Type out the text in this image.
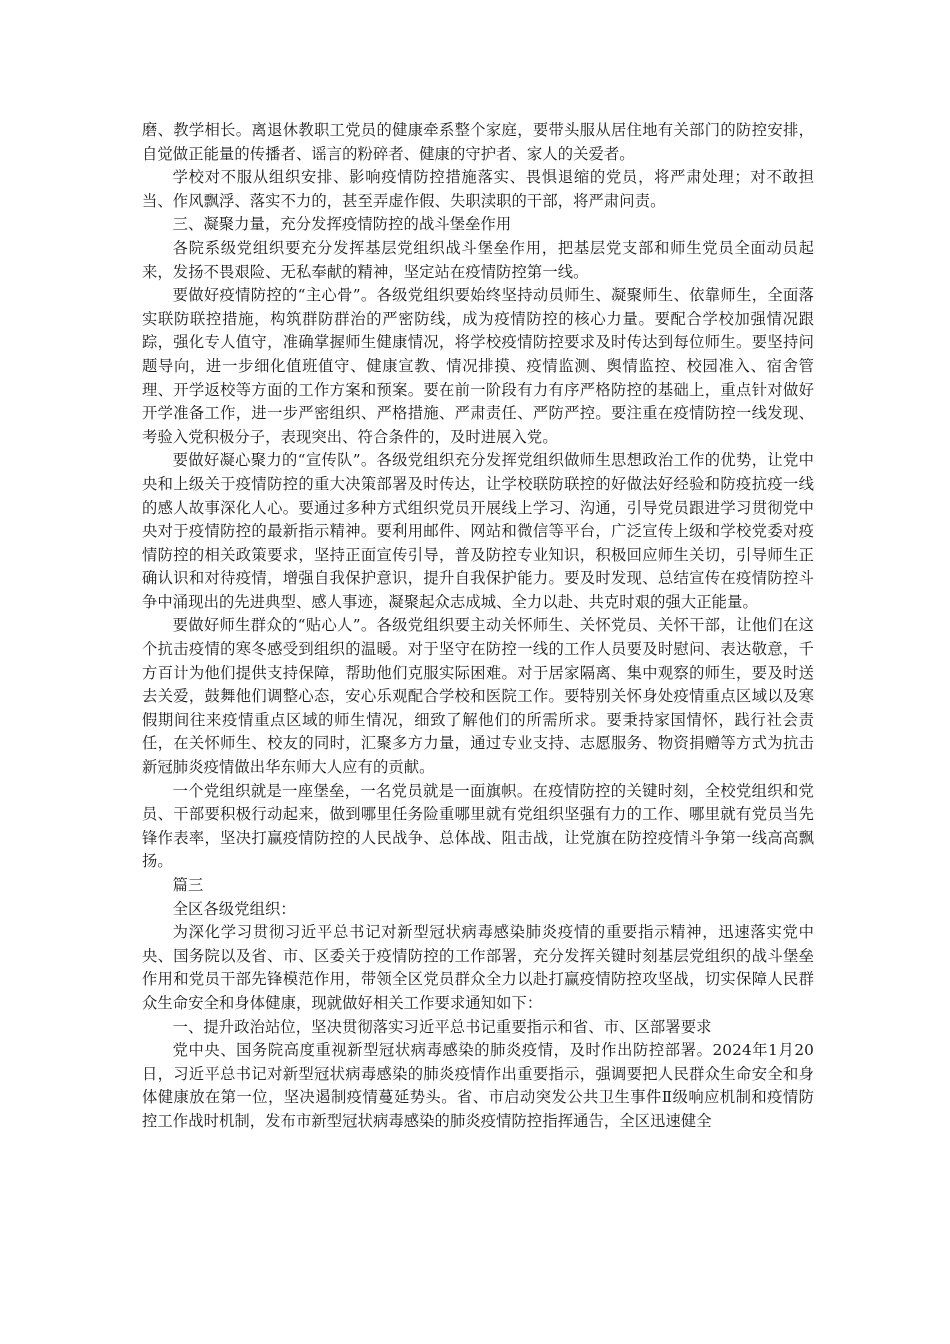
磨、教学相长。离退休教职工党员的健康牵系整个家庭，要带头服从居住地有关部门的防控安排，自觉做正能量的传播者、谣言的粉碎者、健康的守护者、家人的关爱者。

学校对不服从组织安排、影响疫情防控措施落实、畏惧退缩的党员，将严肃处理；对不敢担当、作风飘浮、落实不力的，甚至弄虚作假、失职渎职的干部，将严肃问责。

三、凝聚力量，充分发挥疫情防控的战斗堡垒作用

各院系级党组织要充分发挥基层党组织战斗堡垒作用，把基层党支部和师生党员全面动员起来，发扬不畏艰险、无私奉献的精神，坚定站在疫情防控第一线。

要做好疫情防控的“主心骨”。各级党组织要始终坚持动员师生、凝聚师生、依靠师生，全面落实联防联控措施，构筑群防群治的严密防线，成为疫情防控的核心力量。要配合学校加强情况跟踪，强化专人值守，准确掌握师生健康情况，将学校疫情防控要求及时传达到每位师生。要坚持问题导向，进一步细化值班值守、健康宣教、情况排摸、疫情监测、舆情监控、校园准入、宿舍管理、开学返校等方面的工作方案和预案。要在前一阶段有力有序严格防控的基础上，重点针对做好开学准备工作，进一步严密组织、严格措施、严肃责任、严防严控。要注重在疫情防控一线发现、考验入党积极分子，表现突出、符合条件的，及时进展入党。

要做好凝心聚力的“宣传队”。各级党组织充分发挥党组织做师生思想政治工作的优势，让党中央和上级关于疫情防控的重大决策部署及时传达，让学校联防联控的好做法好经验和防疫抗疫一线的感人故事深化人心。要通过多种方式组织党员开展线上学习、沟通，引导党员跟进学习贯彻党中央对于疫情防控的最新指示精神。要利用邮件、网站和微信等平台，广泛宣传上级和学校党委对疫情防控的相关政策要求，坚持正面宣传引导，普及防控专业知识，积极回应师生关切，引导师生正确认识和对待疫情，增强自我保护意识，提升自我保护能力。要及时发现、总结宣传在疫情防控斗争中涌现出的先进典型、感人事迹，凝聚起众志成城、全力以赴、共克时艰的强大正能量。

要做好师生群众的“贴心人”。各级党组织要主动关怀师生、关怀党员、关怀干部，让他们在这个抗击疫情的寒冬感受到组织的温暖。对于坚守在防控一线的工作人员要及时慰问、表达敬意，千方百计为他们提供支持保障，帮助他们克服实际困难。对于居家隔离、集中观察的师生，要及时送去关爱，鼓舞他们调整心态，安心乐观配合学校和医院工作。要特别关怀身处疫情重点区域以及寒假期间往来疫情重点区域的师生情况，细致了解他们的所需所求。要秉持家国情怀，践行社会责任，在关怀师生、校友的同时，汇聚多方力量，通过专业支持、志愿服务、物资捐赠等方式为抗击新冠肺炎疫情做出华东师大人应有的贡献。

一个党组织就是一座堡垒，一名党员就是一面旗帜。在疫情防控的关键时刻，全校党组织和党员、干部要积极行动起来，做到哪里任务险重哪里就有党组织坚强有力的工作、哪里就有党员当先锋作表率，坚决打赢疫情防控的人民战争、总体战、阻击战，让党旗在防控疫情斗争第一线高高飘扬。

篇三

全区各级党组织：

为深化学习贯彻习近平总书记对新型冠状病毒感染肺炎疫情的重要指示精神，迅速落实党中央、国务院以及省、市、区委关于疫情防控的工作部署，充分发挥关键时刻基层党组织的战斗堡垒作用和党员干部先锋模范作用，带领全区党员群众全力以赴打赢疫情防控攻坚战，切实保障人民群众生命安全和身体健康，现就做好相关工作要求通知如下：

一、提升政治站位，坚决贯彻落实习近平总书记重要指示和省、市、区部署要求

党中央、国务院高度重视新型冠状病毒感染的肺炎疫情，及时作出防控部署。2024年1月20日，习近平总书记对新型冠状病毒感染的肺炎疫情作出重要指示，强调要把人民群众生命安全和身体健康放在第一位，坚决遏制疫情蔓延势头。省、市启动突发公共卫生事件Ⅱ级响应机制和疫情防控工作战时机制，发布市新型冠状病毒感染的肺炎疫情防控指挥通告，全区迅速健全
